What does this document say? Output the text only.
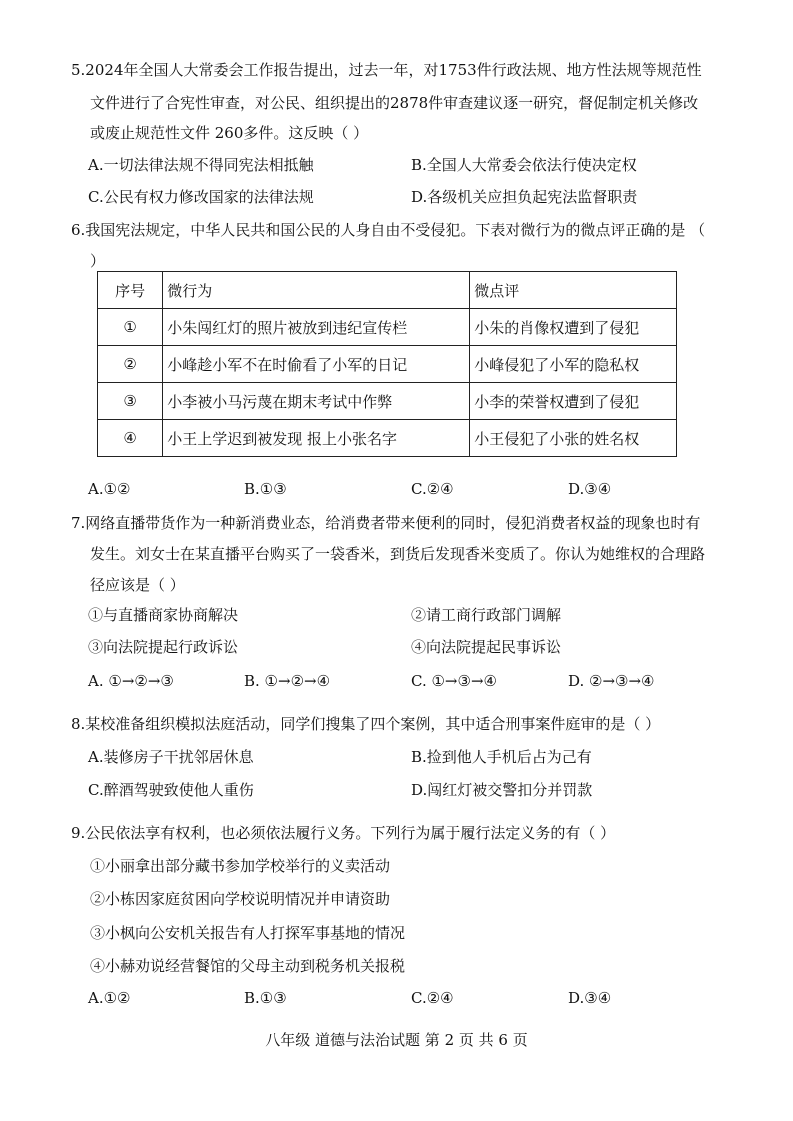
5.2024年全国人大常委会工作报告提出，过去一年，对1753件行政法规、地方性法规等规范性
文件进行了合宪性审查，对公民、组织提出的2878件审查建议逐一研究，督促制定机关修改
或废止规范性文件 260多件。这反映（ ）
A.一切法律法规不得同宪法相抵触	B.全国人大常委会依法行使决定权
C.公民有权力修改国家的法律法规	D.各级机关应担负起宪法监督职责
6.我国宪法规定，中华人民共和国公民的人身自由不受侵犯。下表对微行为的微点评正确的是 （
）
序号	微行为	微点评
①	小朱闯红灯的照片被放到违纪宣传栏	小朱的肖像权遭到了侵犯
②	小峰趁小军不在时偷看了小军的日记	小峰侵犯了小军的隐私权
③	小李被小马污蔑在期末考试中作弊	小李的荣誉权遭到了侵犯
④	小王上学迟到被发现 报上小张名字	小王侵犯了小张的姓名权
A.①②	B.①③	C.②④	D.③④
7.网络直播带货作为一种新消费业态，给消费者带来便利的同时，侵犯消费者权益的现象也时有
发生。刘女士在某直播平台购买了一袋香米，到货后发现香米变质了。你认为她维权的合理路
径应该是（ ）
①与直播商家协商解决	②请工商行政部门调解
③向法院提起行政诉讼	④向法院提起民事诉讼
A. ①→②→③	B. ①→②→④	C. ①→③→④	D. ②→③→④
8.某校准备组织模拟法庭活动，同学们搜集了四个案例，其中适合刑事案件庭审的是（ ）
A.装修房子干扰邻居休息	B.捡到他人手机后占为己有
C.醉酒驾驶致使他人重伤	D.闯红灯被交警扣分并罚款
9.公民依法享有权利，也必须依法履行义务。下列行为属于履行法定义务的有（ ）
①小丽拿出部分藏书参加学校举行的义卖活动
②小栋因家庭贫困向学校说明情况并申请资助
③小枫向公安机关报告有人打探军事基地的情况
④小赫劝说经营餐馆的父母主动到税务机关报税
A.①②	B.①③	C.②④	D.③④
八年级 道德与法治试题 第 2 页 共 6 页
